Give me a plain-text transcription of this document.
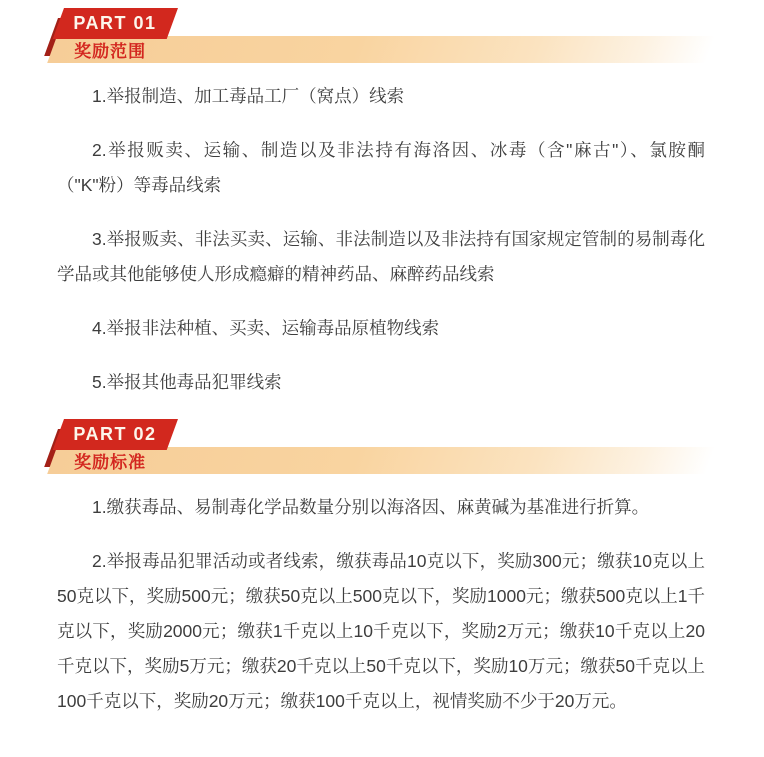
PART 01
奖励范围

1.举报制造、加工毒品工厂（窝点）线索

2.举报贩卖、运输、制造以及非法持有海洛因、冰毒（含"麻古"）、氯胺酮（"K"粉）等毒品线索

3.举报贩卖、非法买卖、运输、非法制造以及非法持有国家规定管制的易制毒化学品或其他能够使人形成瘾癖的精神药品、麻醉药品线索

4.举报非法种植、买卖、运输毒品原植物线索

5.举报其他毒品犯罪线索

PART 02
奖励标准

1.缴获毒品、易制毒化学品数量分别以海洛因、麻黄碱为基准进行折算。

2.举报毒品犯罪活动或者线索，缴获毒品10克以下，奖励300元；缴获10克以上50克以下，奖励500元；缴获50克以上500克以下，奖励1000元；缴获500克以上1千克以下，奖励2000元；缴获1千克以上10千克以下，奖励2万元；缴获10千克以上20千克以下，奖励5万元；缴获20千克以上50千克以下，奖励10万元；缴获50千克以上100千克以下，奖励20万元；缴获100千克以上，视情奖励不少于20万元。
